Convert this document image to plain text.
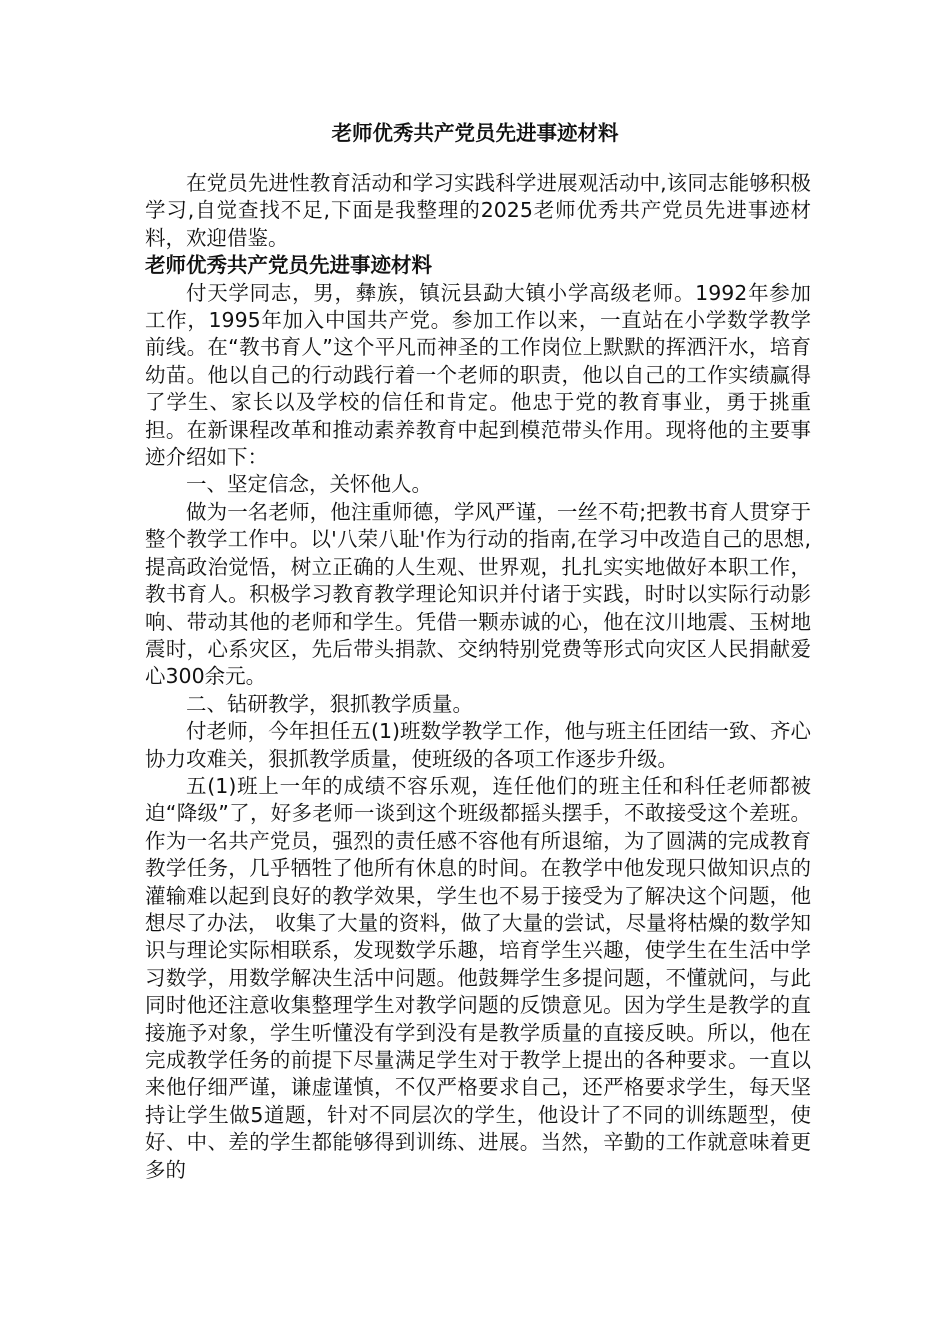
老师优秀共产党员先进事迹材料

在党员先进性教育活动和学习实践科学进展观活动中,该同志能够积极学习,自觉查找不足,下面是我整理的2025老师优秀共产党员先进事迹材料，欢迎借鉴。

老师优秀共产党员先进事迹材料

付天学同志，男，彝族，镇沅县勐大镇小学高级老师。1992年参加工作，1995年加入中国共产党。参加工作以来，一直站在小学数学教学前线。在“教书育人”这个平凡而神圣的工作岗位上默默的挥洒汗水，培育幼苗。他以自己的行动践行着一个老师的职责，他以自己的工作实绩赢得了学生、家长以及学校的信任和肯定。他忠于党的教育事业，勇于挑重担。在新课程改革和推动素养教育中起到模范带头作用。现将他的主要事迹介绍如下：

一、坚定信念，关怀他人。

做为一名老师，他注重师德，学风严谨，一丝不苟;把教书育人贯穿于整个教学工作中。以'八荣八耻'作为行动的指南,在学习中改造自己的思想,提高政治觉悟，树立正确的人生观、世界观，扎扎实实地做好本职工作，教书育人。积极学习教育教学理论知识并付诸于实践，时时以实际行动影响、带动其他的老师和学生。凭借一颗赤诚的心，他在汶川地震、玉树地震时，心系灾区，先后带头捐款、交纳特别党费等形式向灾区人民捐献爱心300余元。

二、钻研教学，狠抓教学质量。

付老师，今年担任五(1)班数学教学工作，他与班主任团结一致、齐心协力攻难关，狠抓教学质量，使班级的各项工作逐步升级。

五(1)班上一年的成绩不容乐观，连任他们的班主任和科任老师都被迫“降级”了，好多老师一谈到这个班级都摇头摆手，不敢接受这个差班。作为一名共产党员，强烈的责任感不容他有所退缩，为了圆满的完成教育教学任务，几乎牺牲了他所有休息的时间。在教学中他发现只做知识点的灌输难以起到良好的教学效果，学生也不易于接受为了解决这个问题，他想尽了办法， 收集了大量的资料，做了大量的尝试，尽量将枯燥的数学知识与理论实际相联系，发现数学乐趣，培育学生兴趣，使学生在生活中学习数学，用数学解决生活中问题。他鼓舞学生多提问题，不懂就问，与此同时他还注意收集整理学生对教学问题的反馈意见。因为学生是教学的直接施予对象，学生听懂没有学到没有是教学质量的直接反映。所以，他在完成教学任务的前提下尽量满足学生对于教学上提出的各种要求。一直以来他仔细严谨，谦虚谨慎，不仅严格要求自己，还严格要求学生，每天坚持让学生做5道题，针对不同层次的学生，他设计了不同的训练题型，使好、中、差的学生都能够得到训练、进展。当然，辛勤的工作就意味着更多的
